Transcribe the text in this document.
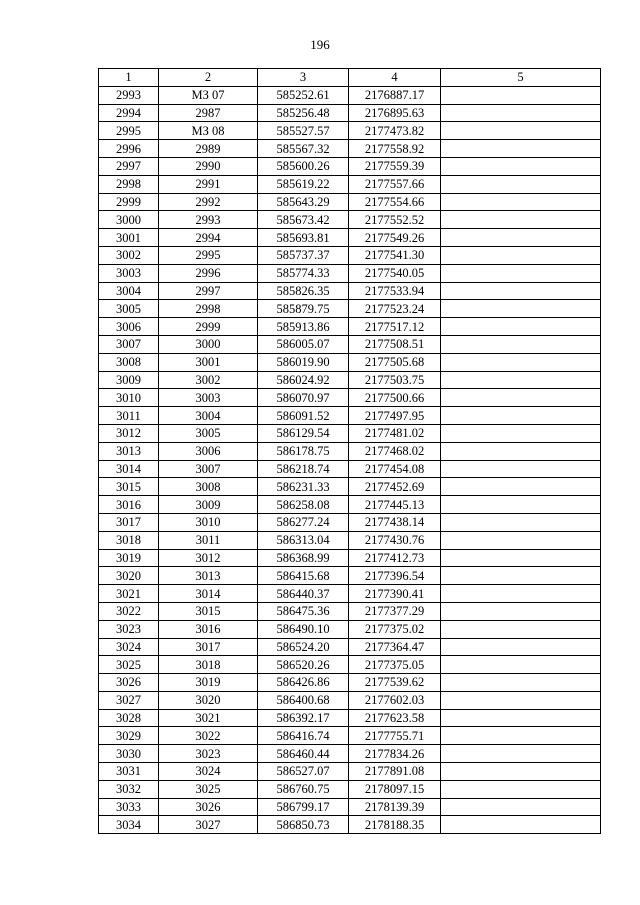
196
1	2	3	4	5
2993	МЗ 07	585252.61	2176887.17	
2994	2987	585256.48	2176895.63	
2995	МЗ 08	585527.57	2177473.82	
2996	2989	585567.32	2177558.92	
2997	2990	585600.26	2177559.39	
2998	2991	585619.22	2177557.66	
2999	2992	585643.29	2177554.66	
3000	2993	585673.42	2177552.52	
3001	2994	585693.81	2177549.26	
3002	2995	585737.37	2177541.30	
3003	2996	585774.33	2177540.05	
3004	2997	585826.35	2177533.94	
3005	2998	585879.75	2177523.24	
3006	2999	585913.86	2177517.12	
3007	3000	586005.07	2177508.51	
3008	3001	586019.90	2177505.68	
3009	3002	586024.92	2177503.75	
3010	3003	586070.97	2177500.66	
3011	3004	586091.52	2177497.95	
3012	3005	586129.54	2177481.02	
3013	3006	586178.75	2177468.02	
3014	3007	586218.74	2177454.08	
3015	3008	586231.33	2177452.69	
3016	3009	586258.08	2177445.13	
3017	3010	586277.24	2177438.14	
3018	3011	586313.04	2177430.76	
3019	3012	586368.99	2177412.73	
3020	3013	586415.68	2177396.54	
3021	3014	586440.37	2177390.41	
3022	3015	586475.36	2177377.29	
3023	3016	586490.10	2177375.02	
3024	3017	586524.20	2177364.47	
3025	3018	586520.26	2177375.05	
3026	3019	586426.86	2177539.62	
3027	3020	586400.68	2177602.03	
3028	3021	586392.17	2177623.58	
3029	3022	586416.74	2177755.71	
3030	3023	586460.44	2177834.26	
3031	3024	586527.07	2177891.08	
3032	3025	586760.75	2178097.15	
3033	3026	586799.17	2178139.39	
3034	3027	586850.73	2178188.35	
